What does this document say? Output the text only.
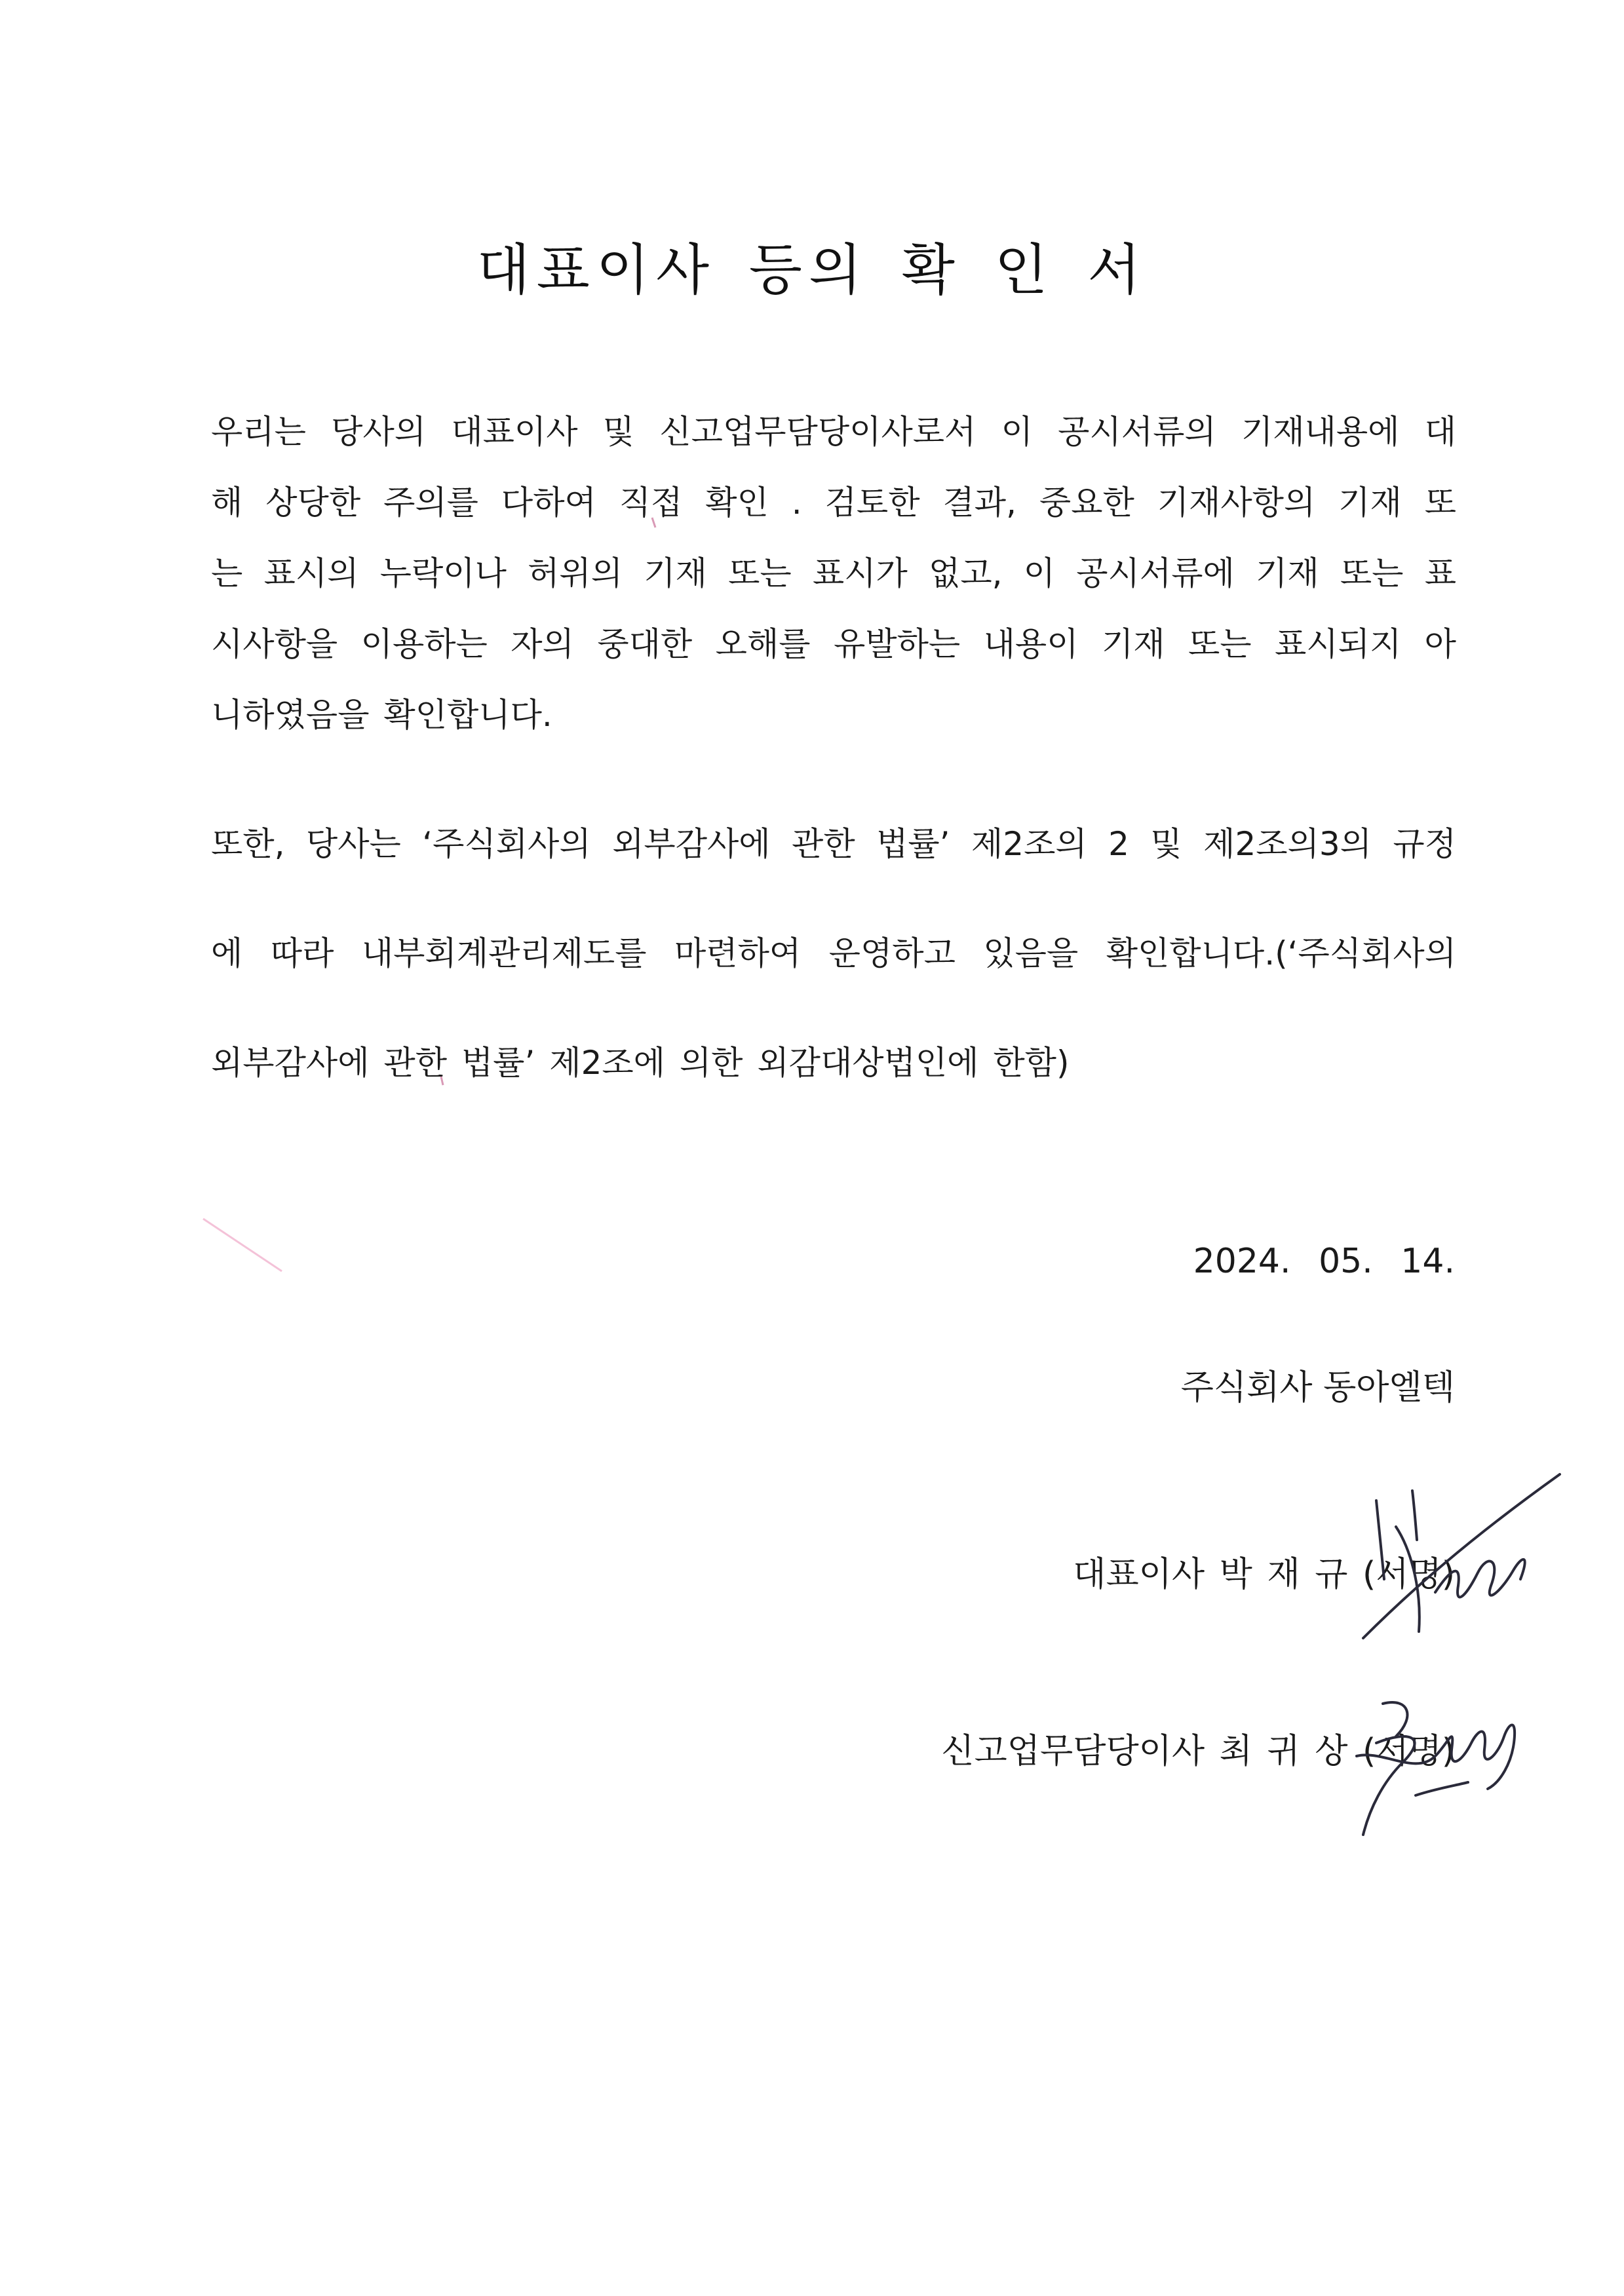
대표이사 등의 확 인 서
우리는 당사의 대표이사 및 신고업무담당이사로서 이 공시서류의 기재내용에 대
해 상당한 주의를 다하여 직접 확인 . 검토한 결과, 중요한 기재사항의 기재 또
는 표시의 누락이나 허위의 기재 또는 표시가 없고, 이 공시서류에 기재 또는 표
시사항을 이용하는 자의 중대한 오해를 유발하는 내용이 기재 또는 표시되지 아
니하였음을 확인합니다.
또한, 당사는 ‘주식회사의 외부감사에 관한 법률’ 제2조의 2 및 제2조의3의 규정
에 따라 내부회계관리제도를 마련하여 운영하고 있음을 확인합니다.(‘주식회사의
외부감사에 관한 법률’ 제2조에 의한 외감대상법인에 한함)
2024. 05. 14.
주식회사 동아엘텍
대표이사 박 재 규 (서명)
신고업무담당이사 최 귀 상 (서명)
